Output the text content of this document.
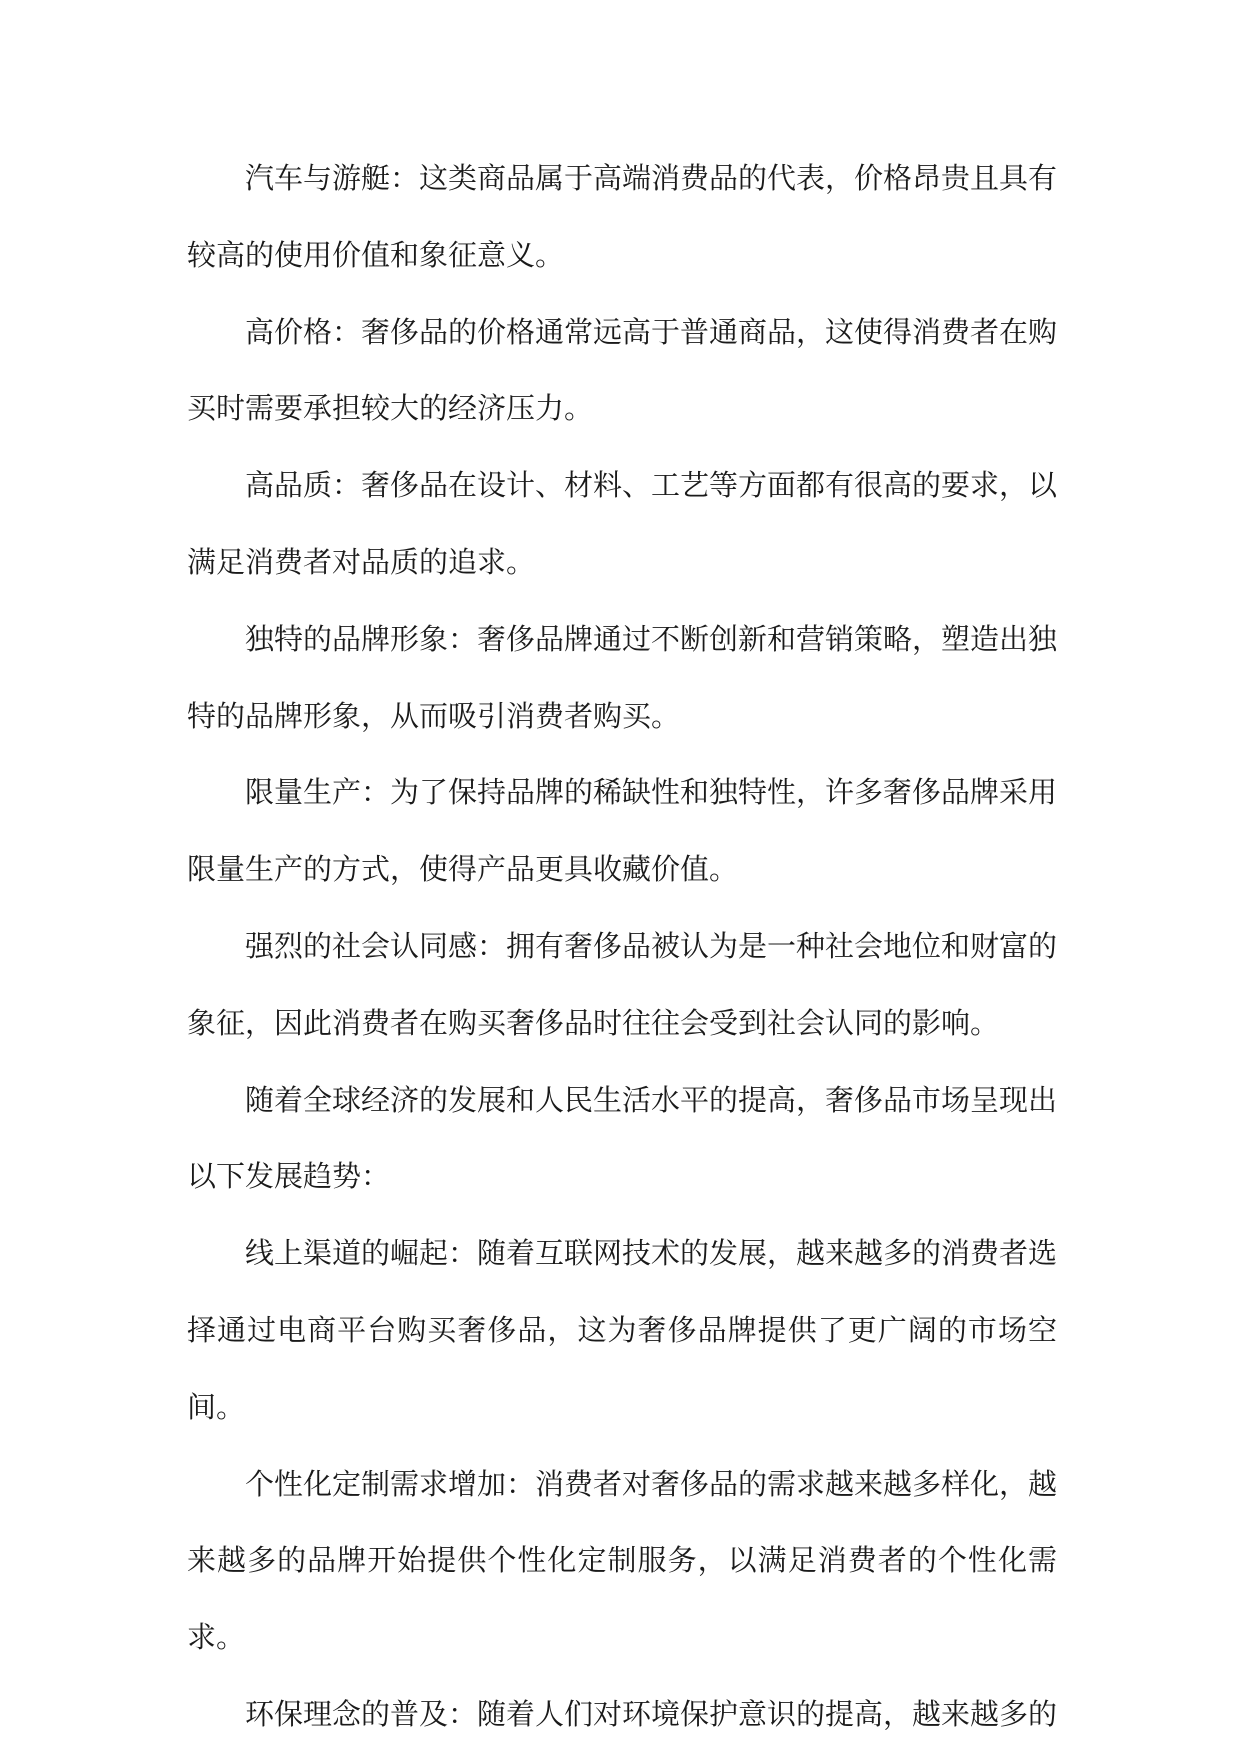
汽车与游艇：这类商品属于高端消费品的代表，价格昂贵且具有较高的使用价值和象征意义。

高价格：奢侈品的价格通常远高于普通商品，这使得消费者在购买时需要承担较大的经济压力。

高品质：奢侈品在设计、材料、工艺等方面都有很高的要求，以满足消费者对品质的追求。

独特的品牌形象：奢侈品牌通过不断创新和营销策略，塑造出独特的品牌形象，从而吸引消费者购买。

限量生产：为了保持品牌的稀缺性和独特性，许多奢侈品牌采用限量生产的方式，使得产品更具收藏价值。

强烈的社会认同感：拥有奢侈品被认为是一种社会地位和财富的象征，因此消费者在购买奢侈品时往往会受到社会认同的影响。

随着全球经济的发展和人民生活水平的提高，奢侈品市场呈现出以下发展趋势：

线上渠道的崛起：随着互联网技术的发展，越来越多的消费者选择通过电商平台购买奢侈品，这为奢侈品牌提供了更广阔的市场空间。

个性化定制需求增加：消费者对奢侈品的需求越来越多样化，越来越多的品牌开始提供个性化定制服务，以满足消费者的个性化需求。

环保理念的普及：随着人们对环境保护意识的提高，越来越多的
